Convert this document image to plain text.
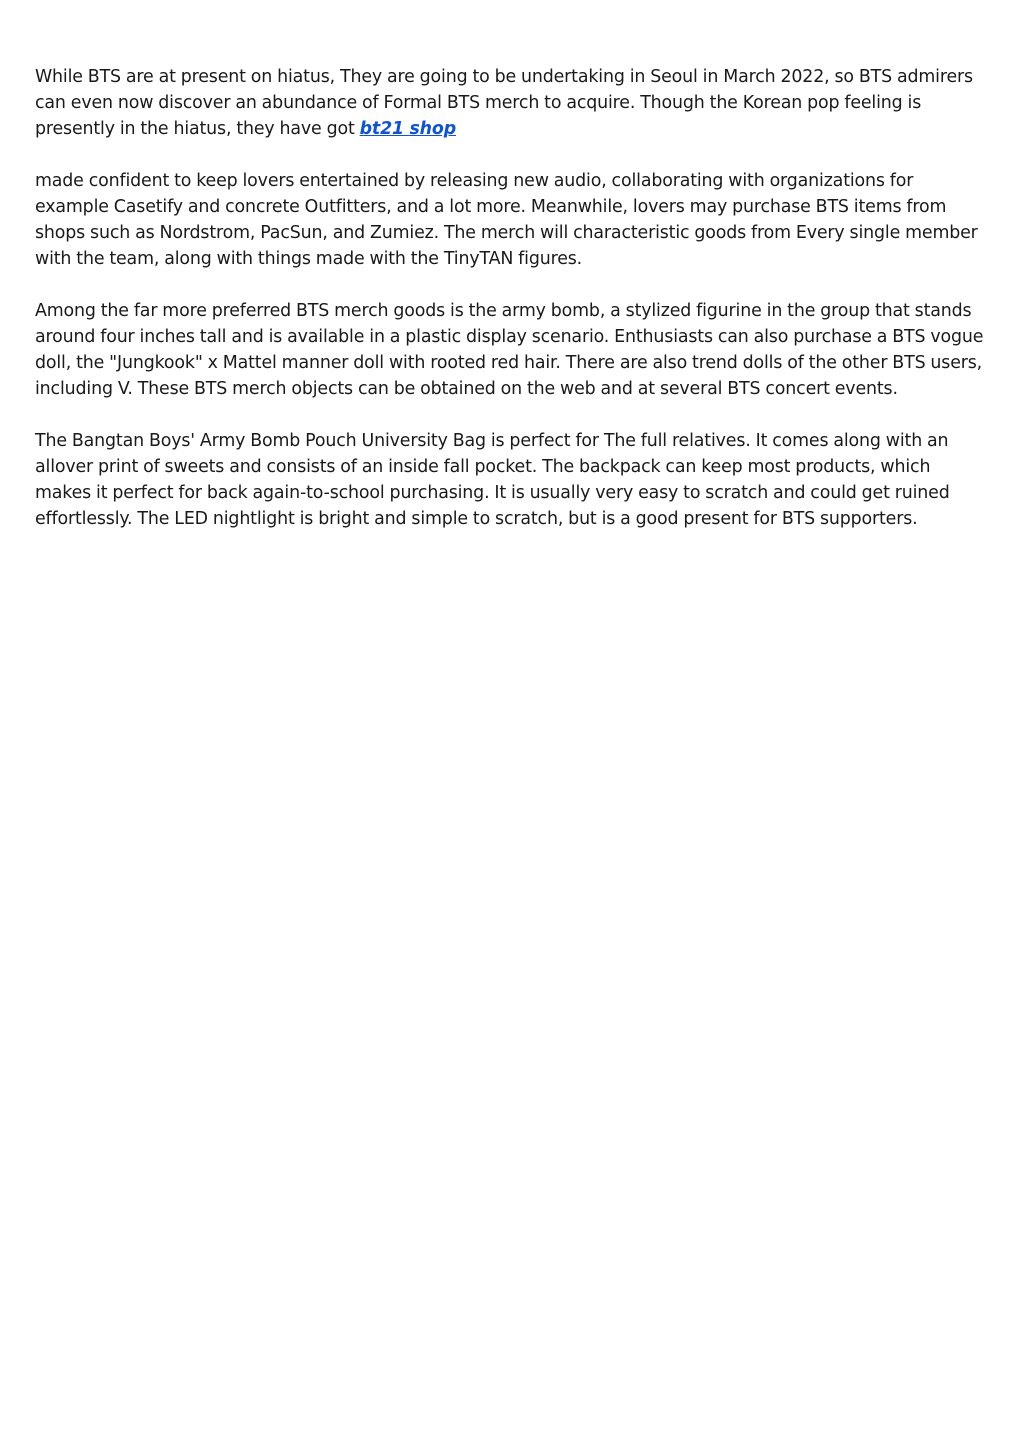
While BTS are at present on hiatus, They are going to be undertaking in Seoul in March 2022, so BTS admirers can even now discover an abundance of Formal BTS merch to acquire. Though the Korean pop feeling is presently in the hiatus, they have got bt21 shop

made confident to keep lovers entertained by releasing new audio, collaborating with organizations for example Casetify and concrete Outfitters, and a lot more. Meanwhile, lovers may purchase BTS items from shops such as Nordstrom, PacSun, and Zumiez. The merch will characteristic goods from Every single member with the team, along with things made with the TinyTAN figures.

Among the far more preferred BTS merch goods is the army bomb, a stylized figurine in the group that stands around four inches tall and is available in a plastic display scenario. Enthusiasts can also purchase a BTS vogue doll, the "Jungkook" x Mattel manner doll with rooted red hair. There are also trend dolls of the other BTS users, including V. These BTS merch objects can be obtained on the web and at several BTS concert events.

The Bangtan Boys' Army Bomb Pouch University Bag is perfect for The full relatives. It comes along with an allover print of sweets and consists of an inside fall pocket. The backpack can keep most products, which makes it perfect for back again-to-school purchasing. It is usually very easy to scratch and could get ruined effortlessly. The LED nightlight is bright and simple to scratch, but is a good present for BTS supporters.
